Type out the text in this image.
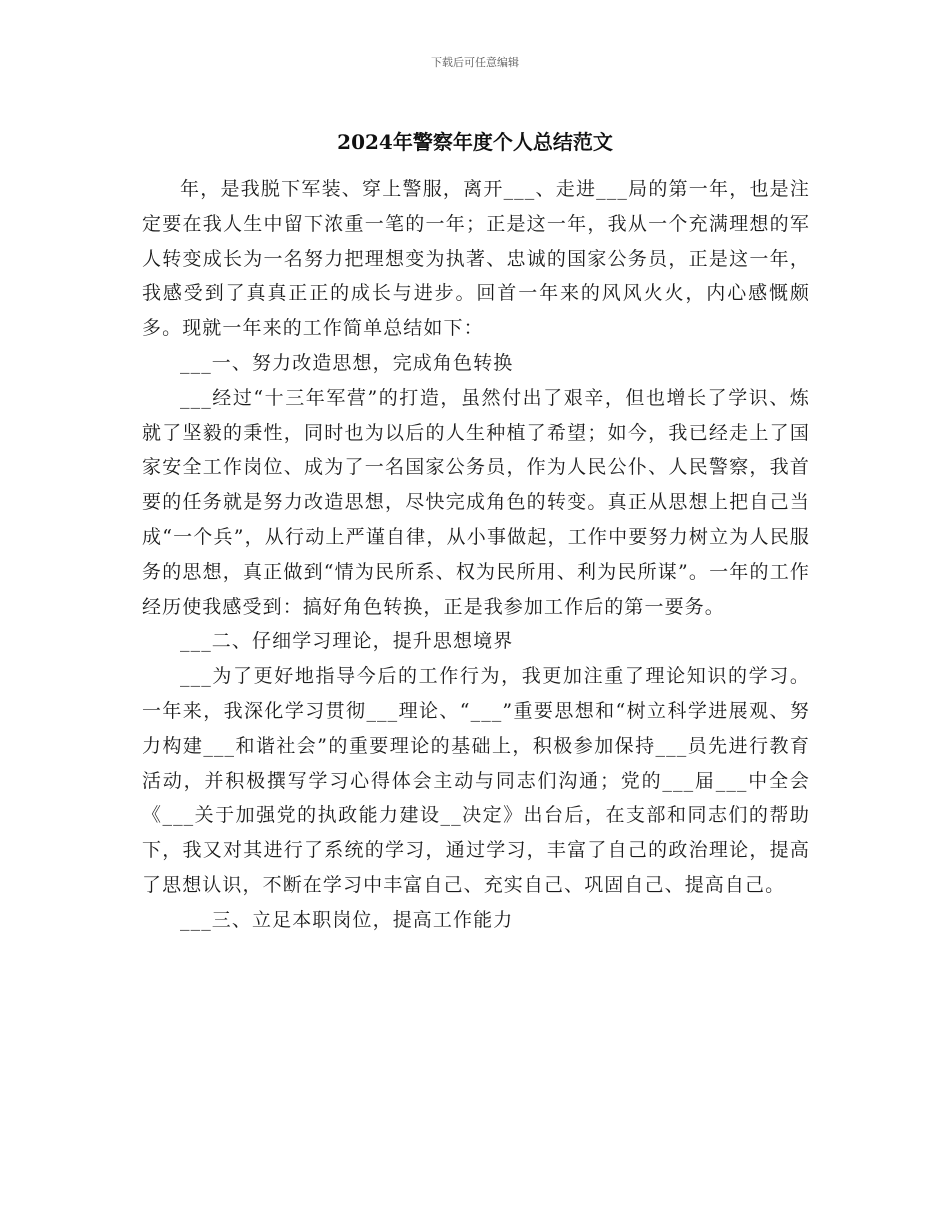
下载后可任意编辑
2024年警察年度个人总结范文

年，是我脱下军装、穿上警服，离开___、走进___局的第一年，也是注定要在我人生中留下浓重一笔的一年；正是这一年，我从一个充满理想的军人转变成长为一名努力把理想变为执著、忠诚的国家公务员，正是这一年，我感受到了真真正正的成长与进步。回首一年来的风风火火，内心感慨颇多。现就一年来的工作简单总结如下：

___一、努力改造思想，完成角色转换

___经过“十三年军营”的打造，虽然付出了艰辛，但也增长了学识、炼就了坚毅的秉性，同时也为以后的人生种植了希望；如今，我已经走上了国家安全工作岗位、成为了一名国家公务员，作为人民公仆、人民警察，我首要的任务就是努力改造思想，尽快完成角色的转变。真正从思想上把自己当成“一个兵”，从行动上严谨自律，从小事做起，工作中要努力树立为人民服务的思想，真正做到“情为民所系、权为民所用、利为民所谋”。一年的工作经历使我感受到：搞好角色转换，正是我参加工作后的第一要务。

___二、仔细学习理论，提升思想境界

___为了更好地指导今后的工作行为，我更加注重了理论知识的学习。一年来，我深化学习贯彻___理论、“___”重要思想和“树立科学进展观、努力构建___和谐社会”的重要理论的基础上，积极参加保持___员先进行教育活动，并积极撰写学习心得体会主动与同志们沟通；党的___届___中全会《___关于加强党的执政能力建设__决定》出台后，在支部和同志们的帮助下，我又对其进行了系统的学习，通过学习，丰富了自己的政治理论，提高了思想认识，不断在学习中丰富自己、充实自己、巩固自己、提高自己。

___三、立足本职岗位，提高工作能力
